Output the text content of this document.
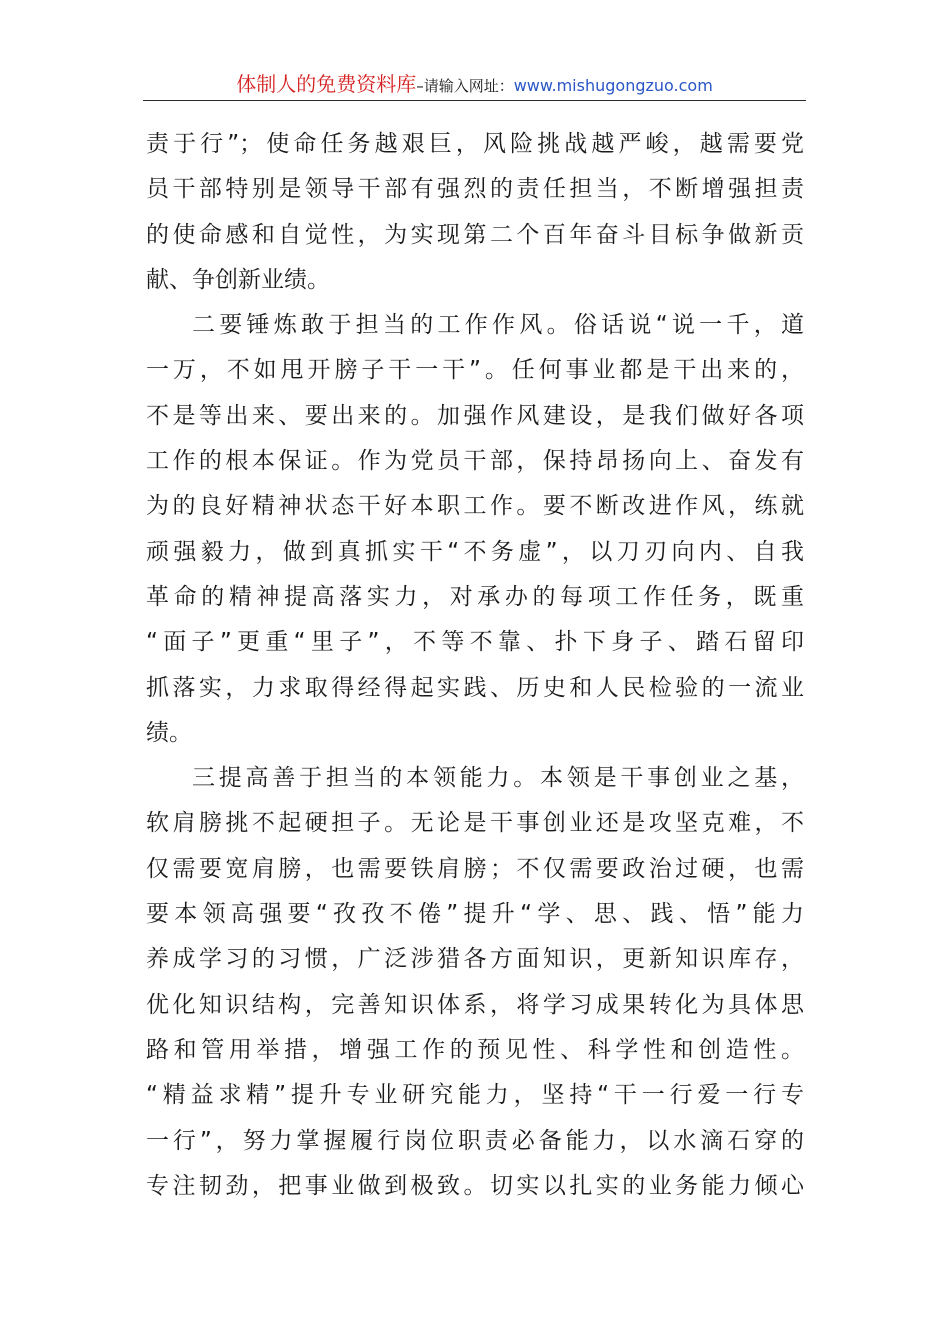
体制人的免费资料库–请输入网址：www.mishugongzuo.com
责于行”；使命任务越艰巨，风险挑战越严峻，越需要党
员干部特别是领导干部有强烈的责任担当，不断增强担责
的使命感和自觉性，为实现第二个百年奋斗目标争做新贡
献、争创新业绩。
二要锤炼敢于担当的工作作风。俗话说“说一千，道
一万，不如甩开膀子干一干”。任何事业都是干出来的，
不是等出来、要出来的。加强作风建设，是我们做好各项
工作的根本保证。作为党员干部，保持昂扬向上、奋发有
为的良好精神状态干好本职工作。要不断改进作风，练就
顽强毅力，做到真抓实干“不务虚”，以刀刃向内、自我
革命的精神提高落实力，对承办的每项工作任务，既重
“面子”更重“里子”，不等不靠、扑下身子、踏石留印
抓落实，力求取得经得起实践、历史和人民检验的一流业
绩。
三提高善于担当的本领能力。本领是干事创业之基，
软肩膀挑不起硬担子。无论是干事创业还是攻坚克难，不
仅需要宽肩膀，也需要铁肩膀；不仅需要政治过硬，也需
要本领高强要“孜孜不倦”提升“学、思、践、悟”能力
养成学习的习惯，广泛涉猎各方面知识，更新知识库存，
优化知识结构，完善知识体系，将学习成果转化为具体思
路和管用举措，增强工作的预见性、科学性和创造性。
“精益求精”提升专业研究能力，坚持“干一行爱一行专
一行”，努力掌握履行岗位职责必备能力，以水滴石穿的
专注韧劲，把事业做到极致。切实以扎实的业务能力倾心
